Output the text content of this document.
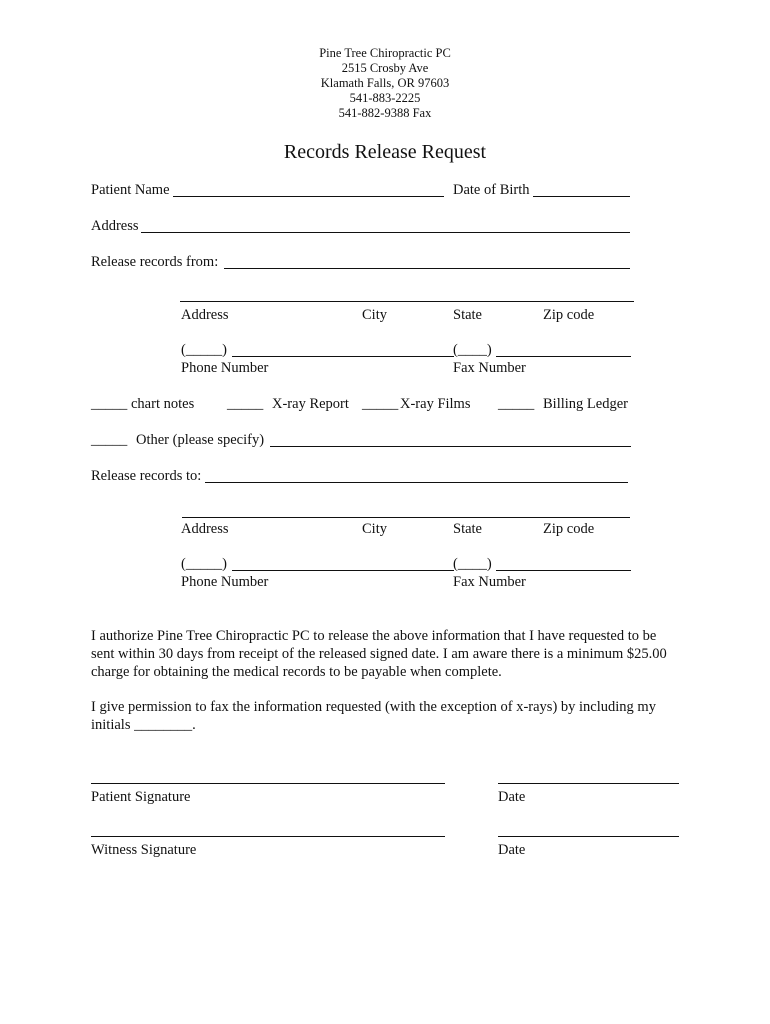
Pine Tree Chiropractic PC
2515 Crosby Ave
Klamath Falls, OR 97603
541-883-2225
541-882-9388 Fax
Records Release Request
Patient Name	Date of Birth
Address
Release records from:
Address	City	State	Zip code
(_____)	(____)
Phone Number	Fax Number
_____ chart notes _____ X-ray Report _____ X-ray Films _____ Billing Ledger
_____ Other (please specify)
Release records to:
Address	City	State	Zip code
(_____)	(____)
Phone Number	Fax Number
I authorize Pine Tree Chiropractic PC to release the above information that I have requested to be sent within 30 days from receipt of the released signed date. I am aware there is a minimum $25.00 charge for obtaining the medical records to be payable when complete.
I give permission to fax the information requested (with the exception of x-rays) by including my initials ________.
Patient Signature	Date
Witness Signature	Date
